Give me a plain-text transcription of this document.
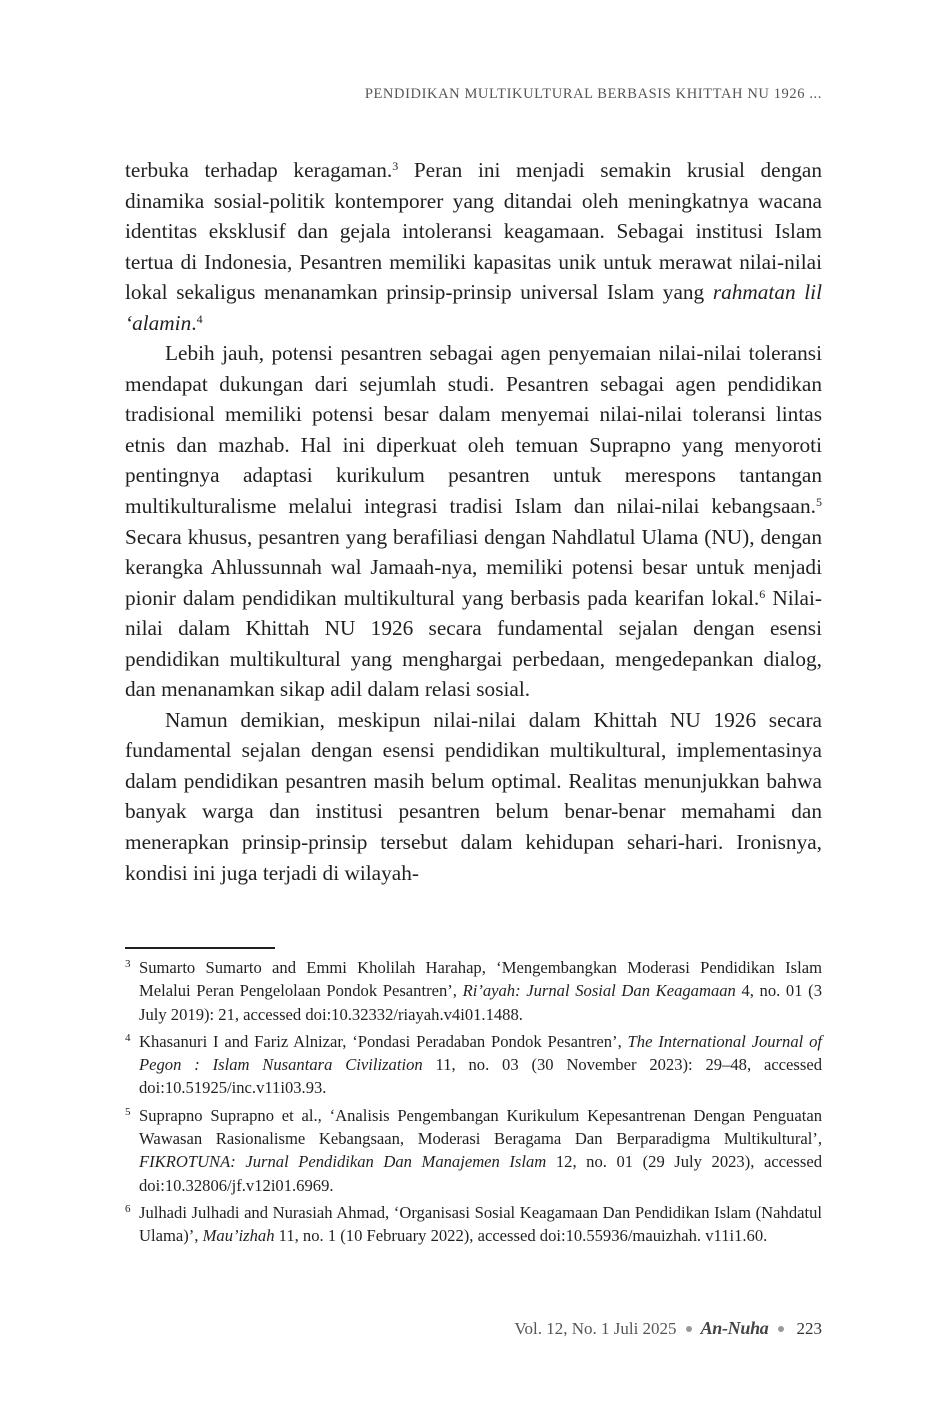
PENDIDIKAN MULTIKULTURAL BERBASIS KHITTAH NU 1926 ...

terbuka terhadap keragaman.$^3$ Peran ini menjadi semakin krusial dengan dinamika sosial-politik kontemporer yang ditandai oleh meningkatnya wacana identitas eksklusif dan gejala intoleransi keagamaan. Sebagai institusi Islam tertua di Indonesia, Pesantren memiliki kapasitas unik untuk merawat nilai-nilai lokal sekaligus menanamkan prinsip-prinsip universal Islam yang rahmatan lil ‘alamin.$^4$

Lebih jauh, potensi pesantren sebagai agen penyemaian nilai-nilai toleransi mendapat dukungan dari sejumlah studi. Pesantren sebagai agen pendidikan tradisional memiliki potensi besar dalam menyemai nilai-nilai toleransi lintas etnis dan mazhab. Hal ini diperkuat oleh temuan Suprapno yang menyoroti pentingnya adaptasi kurikulum pesantren untuk merespons tantangan multikulturalisme melalui integrasi tradisi Islam dan nilai-nilai kebangsaan.$^5$ Secara khusus, pesantren yang berafiliasi dengan Nahdlatul Ulama (NU), dengan kerangka Ahlussunnah wal Jamaah-nya, memiliki potensi besar untuk menjadi pionir dalam pendidikan multikultural yang berbasis pada kearifan lokal.$^6$ Nilai-nilai dalam Khittah NU 1926 secara fundamental sejalan dengan esensi pendidikan multikultural yang menghargai perbedaan, mengedepankan dialog, dan menanamkan sikap adil dalam relasi sosial.

Namun demikian, meskipun nilai-nilai dalam Khittah NU 1926 secara fundamental sejalan dengan esensi pendidikan multikultural, implementasinya dalam pendidikan pesantren masih belum optimal. Realitas menunjukkan bahwa banyak warga dan institusi pesantren belum benar-benar memahami dan menerapkan prinsip-prinsip tersebut dalam kehidupan sehari-hari. Ironisnya, kondisi ini juga terjadi di wilayah-

3 Sumarto Sumarto and Emmi Kholilah Harahap, ‘Mengembangkan Moderasi Pendidikan Islam Melalui Peran Pengelolaan Pondok Pesantren’, Ri’ayah: Jurnal Sosial Dan Keagamaan 4, no. 01 (3 July 2019): 21, accessed doi:10.32332/riayah.v4i01.1488.
4 Khasanuri I and Fariz Alnizar, ‘Pondasi Peradaban Pondok Pesantren’, The International Journal of Pegon : Islam Nusantara Civilization 11, no. 03 (30 November 2023): 29–48, accessed doi:10.51925/inc.v11i03.93.
5 Suprapno Suprapno et al., ‘Analisis Pengembangan Kurikulum Kepesantrenan Dengan Penguatan Wawasan Rasionalisme Kebangsaan, Moderasi Beragama Dan Berparadigma Multikultural’, FIKROTUNA: Jurnal Pendidikan Dan Manajemen Islam 12, no. 01 (29 July 2023), accessed doi:10.32806/jf.v12i01.6969.
6 Julhadi Julhadi and Nurasiah Ahmad, ‘Organisasi Sosial Keagamaan Dan Pendidikan Islam (Nahdatul Ulama)’, Mau’izhah 11, no. 1 (10 February 2022), accessed doi:10.55936/mauizhah. v11i1.60.
Vol. 12, No. 1 Juli 2025 An-Nuha 223
